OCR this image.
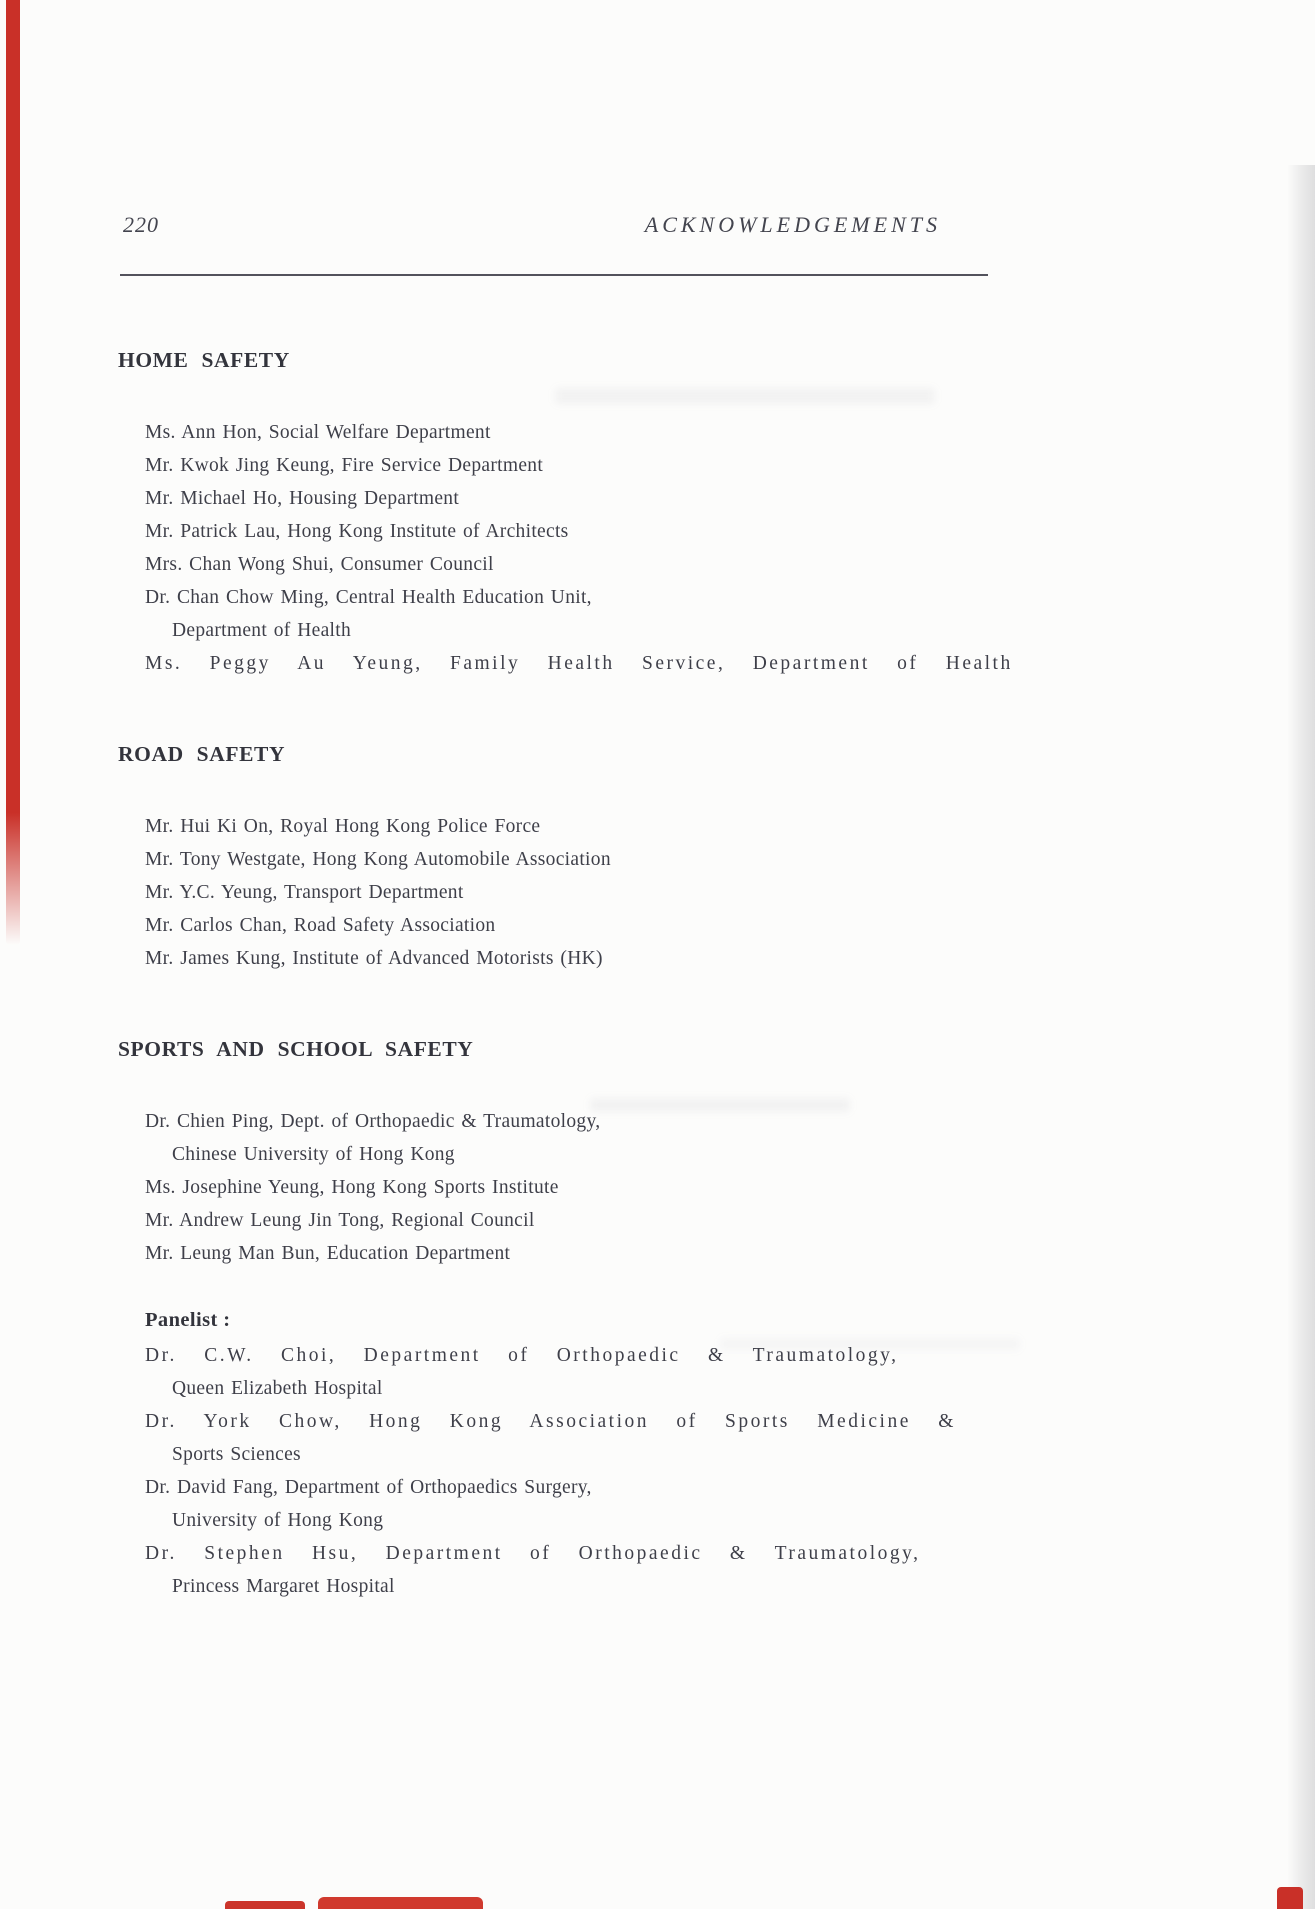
220	ACKNOWLEDGEMENTS
HOME SAFETY

Ms. Ann Hon, Social Welfare Department

Mr. Kwok Jing Keung, Fire Service Department

Mr. Michael Ho, Housing Department

Mr. Patrick Lau, Hong Kong Institute of Architects

Mrs. Chan Wong Shui, Consumer Council

Dr. Chan Chow Ming, Central Health Education Unit,

Department of Health

Ms. Peggy Au Yeung, Family Health Service, Department of Health

ROAD SAFETY

Mr. Hui Ki On, Royal Hong Kong Police Force

Mr. Tony Westgate, Hong Kong Automobile Association

Mr. Y.C. Yeung, Transport Department

Mr. Carlos Chan, Road Safety Association

Mr. James Kung, Institute of Advanced Motorists (HK)

SPORTS AND SCHOOL SAFETY

Dr. Chien Ping, Dept. of Orthopaedic & Traumatology,

Chinese University of Hong Kong

Ms. Josephine Yeung, Hong Kong Sports Institute

Mr. Andrew Leung Jin Tong, Regional Council

Mr. Leung Man Bun, Education Department

Panelist :

Dr. C.W. Choi, Department of Orthopaedic & Traumatology,

Queen Elizabeth Hospital

Dr. York Chow, Hong Kong Association of Sports Medicine &

Sports Sciences

Dr. David Fang, Department of Orthopaedics Surgery,

University of Hong Kong

Dr. Stephen Hsu, Department of Orthopaedic & Traumatology,

Princess Margaret Hospital
